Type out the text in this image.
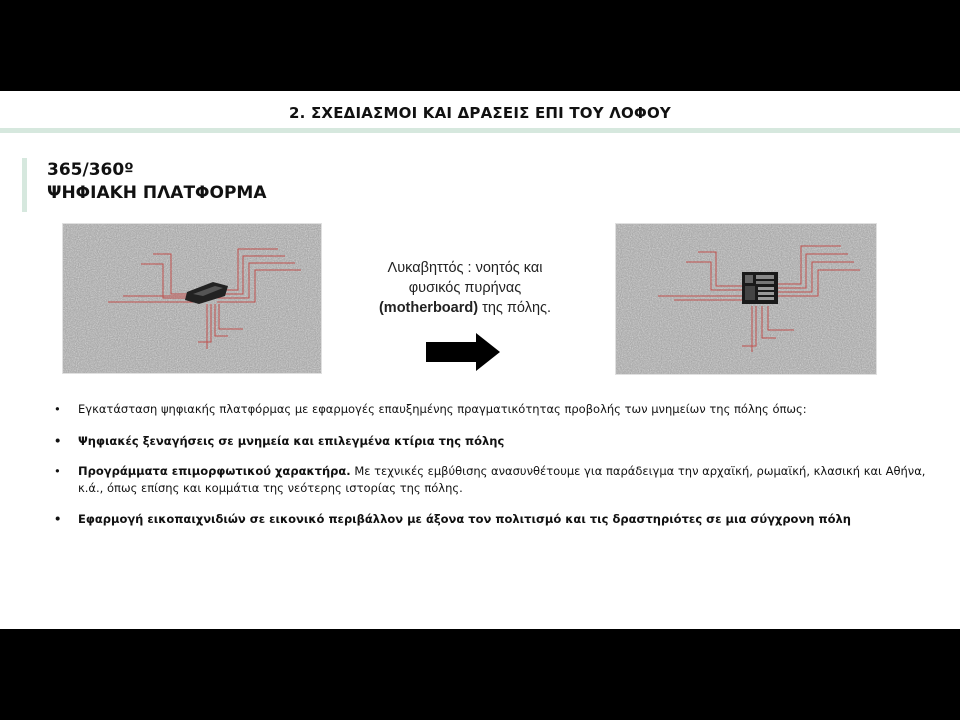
2. ΣΧΕΔΙΑΣΜΟΙ ΚΑΙ ΔΡΑΣΕΙΣ ΕΠΙ ΤΟΥ ΛΟΦΟΥ
365/360º
ΨΗΦΙΑΚΗ ΠΛΑΤΦΟΡΜΑ
Λυκαβηττός : νοητός και
φυσικός πυρήνας
(motherboard) της πόλης.
• Εγκατάσταση ψηφιακής πλατφόρμας με εφαρμογές επαυξημένης πραγματικότητας προβολής των μνημείων της πόλης όπως:
• Ψηφιακές ξεναγήσεις σε μνημεία και επιλεγμένα κτίρια της πόλης
• Προγράμματα επιμορφωτικού χαρακτήρα. Με τεχνικές εμβύθισης ανασυνθέτουμε για παράδειγμα την αρχαϊκή, ρωμαϊκή, κλασική και Αθήνα, κ.ά., όπως επίσης και κομμάτια της νεότερης ιστορίας της πόλης.
• Εφαρμογή εικοπαιχνιδιών σε εικονικό περιβάλλον με άξονα τον πολιτισμό και τις δραστηριότες σε μια σύγχρονη πόλη
